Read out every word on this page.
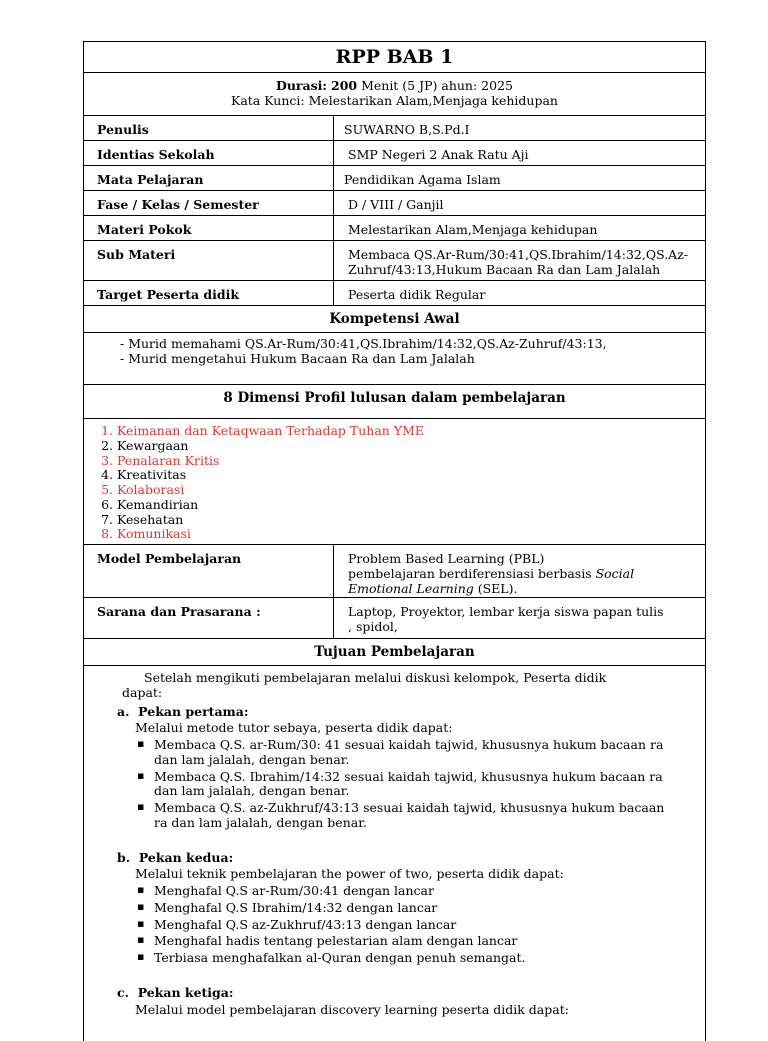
RPP BAB 1
Durasi: 200 Menit (5 JP) ahun: 2025
Kata Kunci: Melestarikan Alam,Menjaga kehidupan
Penulis	SUWARNO B,S.Pd.I
Identias Sekolah	SMP Negeri 2 Anak Ratu Aji
Mata Pelajaran	Pendidikan Agama Islam
Fase / Kelas / Semester	D / VIII / Ganjil
Materi Pokok	Melestarikan Alam,Menjaga kehidupan
Sub Materi	Membaca QS.Ar-Rum/30:41,QS.Ibrahim/14:32,QS.Az-Zuhruf/43:13,Hukum Bacaan Ra dan Lam Jalalah
Target Peserta didik	Peserta didik Regular
Kompetensi Awal
- Murid memahami QS.Ar-Rum/30:41,QS.Ibrahim/14:32,QS.Az-Zuhruf/43:13,
- Murid mengetahui Hukum Bacaan Ra dan Lam Jalalah
8 Dimensi Profil lulusan dalam pembelajaran
1. Keimanan dan Ketaqwaan Terhadap Tuhan YME
2. Kewargaan
3. Penalaran Kritis
4. Kreativitas
5. Kolaborasi
6. Kemandirian
7. Kesehatan
8. Komunikasi
Model Pembelajaran	Problem Based Learning (PBL)
pembelajaran berdiferensiasi berbasis Social Emotional Learning (SEL).
Sarana dan Prasarana :	Laptop, Proyektor, lembar kerja siswa papan tulis , spidol,
Tujuan Pembelajaran
Setelah mengikuti pembelajaran melalui diskusi kelompok, Peserta didik
dapat:
a. Pekan pertama:
Melalui metode tutor sebaya, peserta didik dapat:
▪ Membaca Q.S. ar-Rum/30: 41 sesuai kaidah tajwid, khususnya hukum bacaan ra dan lam jalalah, dengan benar.
▪ Membaca Q.S. Ibrahim/14:32 sesuai kaidah tajwid, khususnya hukum bacaan ra dan lam jalalah, dengan benar.
▪ Membaca Q.S. az-Zukhruf/43:13 sesuai kaidah tajwid, khususnya hukum bacaan ra dan lam jalalah, dengan benar.
b. Pekan kedua:
Melalui teknik pembelajaran the power of two, peserta didik dapat:
▪ Menghafal Q.S ar-Rum/30:41 dengan lancar
▪ Menghafal Q.S Ibrahim/14:32 dengan lancar
▪ Menghafal Q.S az-Zukhruf/43:13 dengan lancar
▪ Menghafal hadis tentang pelestarian alam dengan lancar
▪ Terbiasa menghafalkan al-Quran dengan penuh semangat.
c. Pekan ketiga:
Melalui model pembelajaran discovery learning peserta didik dapat:
